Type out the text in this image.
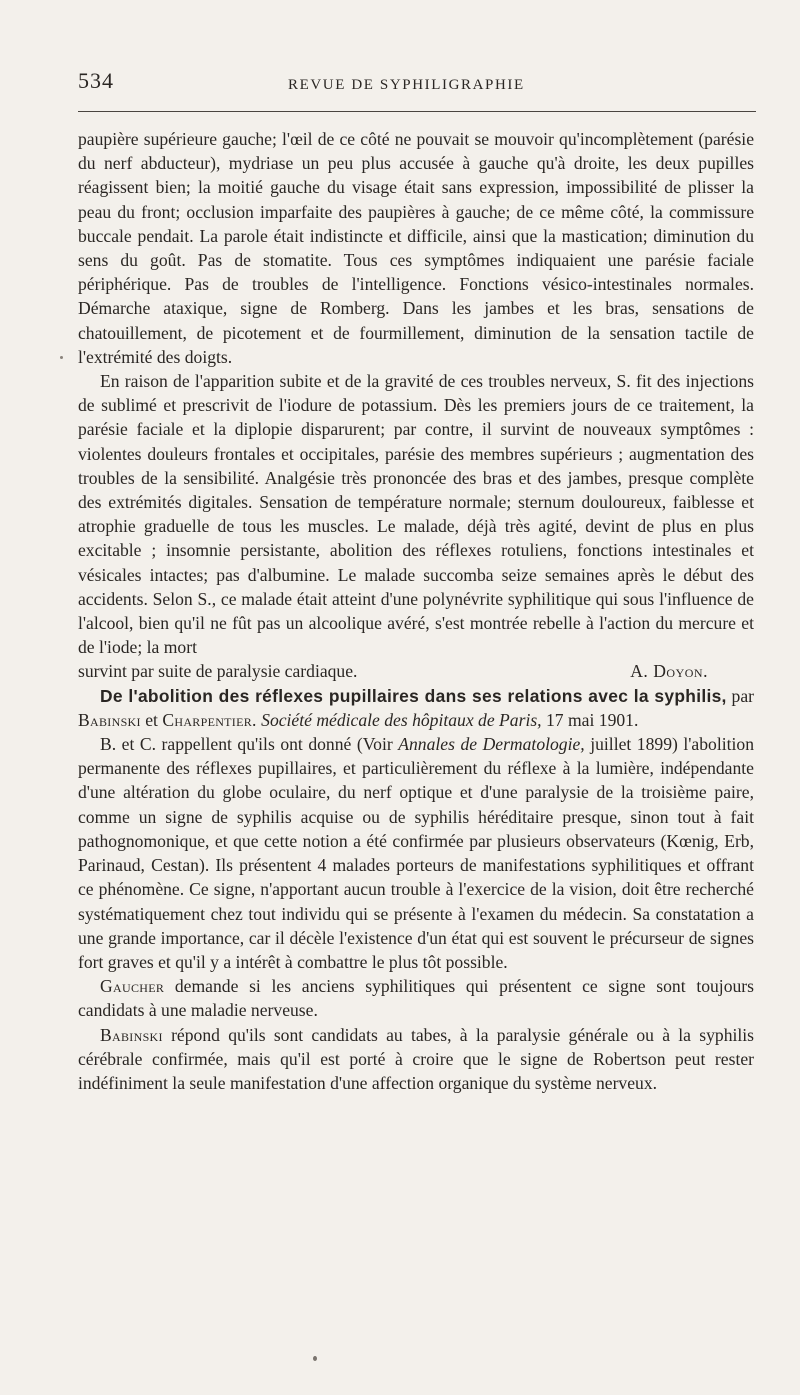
534	REVUE DE SYPHILIGRAPHIE

paupière supérieure gauche; l'œil de ce côté ne pouvait se mouvoir qu'incomplètement (parésie du nerf abducteur), mydriase un peu plus accusée à gauche qu'à droite, les deux pupilles réagissent bien; la moitié gauche du visage était sans expression, impossibilité de plisser la peau du front; occlusion imparfaite des paupières à gauche; de ce même côté, la commissure buccale pendait. La parole était indistincte et difficile, ainsi que la mastication; diminution du sens du goût. Pas de stomatite. Tous ces symptômes indiquaient une parésie faciale périphérique. Pas de troubles de l'intelligence. Fonctions vésico-intestinales normales. Démarche ataxique, signe de Romberg. Dans les jambes et les bras, sensations de chatouillement, de picotement et de fourmillement, diminution de la sensation tactile de l'extrémité des doigts.

En raison de l'apparition subite et de la gravité de ces troubles nerveux, S. fit des injections de sublimé et prescrivit de l'iodure de potassium. Dès les premiers jours de ce traitement, la parésie faciale et la diplopie disparurent; par contre, il survint de nouveaux symptômes : violentes douleurs frontales et occipitales, parésie des membres supérieurs ; augmentation des troubles de la sensibilité. Analgésie très prononcée des bras et des jambes, presque complète des extrémités digitales. Sensation de température normale; sternum douloureux, faiblesse et atrophie graduelle de tous les muscles. Le malade, déjà très agité, devint de plus en plus excitable ; insomnie persistante, abolition des réflexes rotuliens, fonctions intestinales et vésicales intactes; pas d'albumine. Le malade succomba seize semaines après le début des accidents. Selon S., ce malade était atteint d'une polynévrite syphilitique qui sous l'influence de l'alcool, bien qu'il ne fût pas un alcoolique avéré, s'est montrée rebelle à l'action du mercure et de l'iode; la mort

survint par suite de paralysie cardiaque.	A. Doyon.

De l'abolition des réflexes pupillaires dans ses relations avec la syphilis, par Babinski et Charpentier. Société médicale des hôpitaux de Paris, 17 mai 1901.

B. et C. rappellent qu'ils ont donné (Voir Annales de Dermatologie, juillet 1899) l'abolition permanente des réflexes pupillaires, et particulièrement du réflexe à la lumière, indépendante d'une altération du globe oculaire, du nerf optique et d'une paralysie de la troisième paire, comme un signe de syphilis acquise ou de syphilis héréditaire presque, sinon tout à fait pathognomonique, et que cette notion a été confirmée par plusieurs observateurs (Kœnig, Erb, Parinaud, Cestan). Ils présentent 4 malades porteurs de manifestations syphilitiques et offrant ce phénomène. Ce signe, n'apportant aucun trouble à l'exercice de la vision, doit être recherché systématiquement chez tout individu qui se présente à l'examen du médecin. Sa constatation a une grande importance, car il décèle l'existence d'un état qui est souvent le précurseur de signes fort graves et qu'il y a intérêt à combattre le plus tôt possible.

Gaucher demande si les anciens syphilitiques qui présentent ce signe sont toujours candidats à une maladie nerveuse.

Babinski répond qu'ils sont candidats au tabes, à la paralysie générale ou à la syphilis cérébrale confirmée, mais qu'il est porté à croire que le signe de Robertson peut rester indéfiniment la seule manifestation d'une affection organique du système nerveux.
